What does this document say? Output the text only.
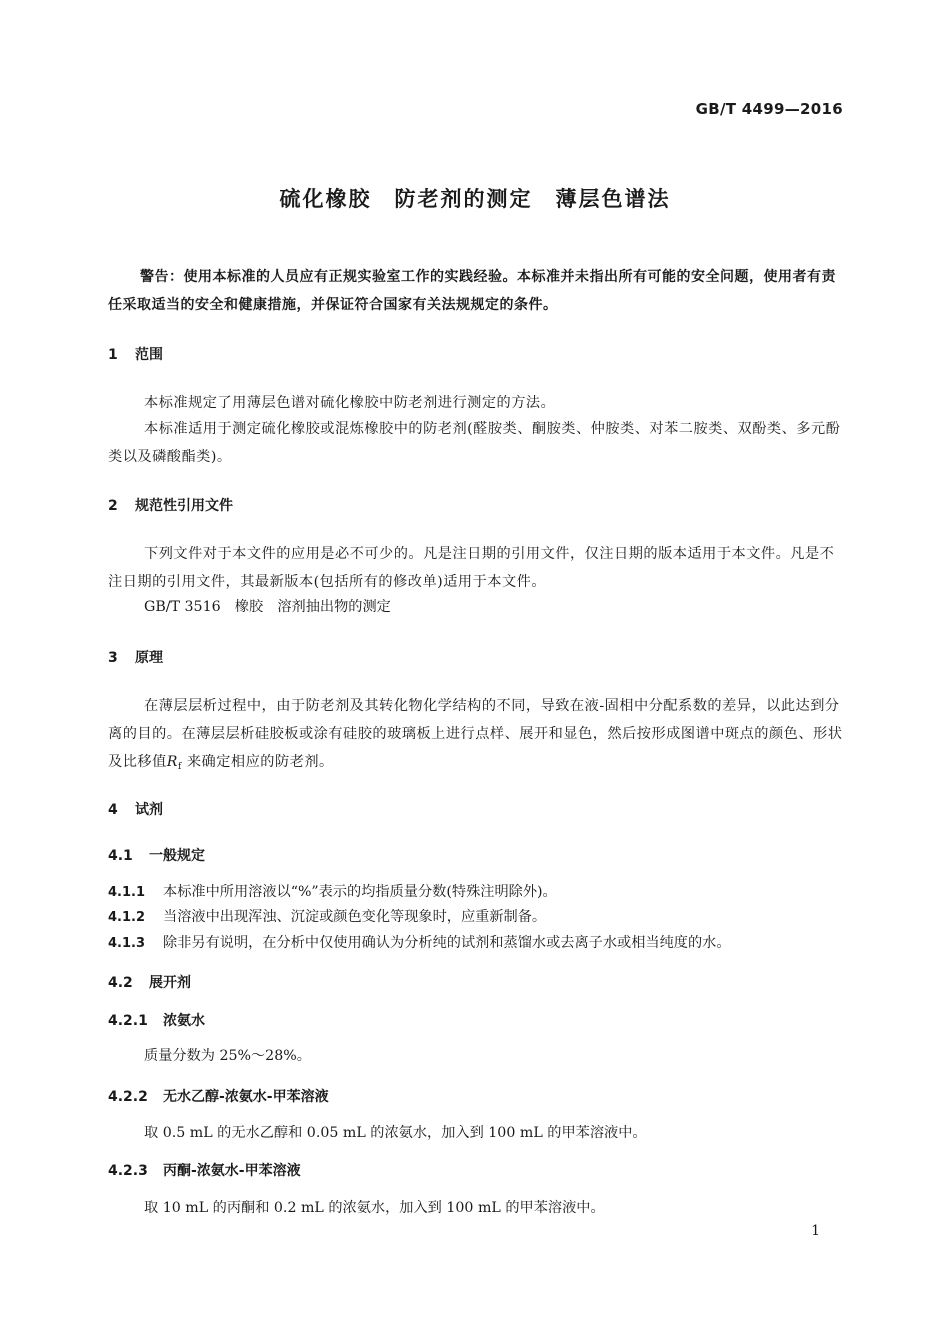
GB/T 4499—2016
硫化橡胶　防老剂的测定　薄层色谱法
警告：使用本标准的人员应有正规实验室工作的实践经验。本标准并未指出所有可能的安全问题，使用者有责任采取适当的安全和健康措施，并保证符合国家有关法规规定的条件。
1 范围
本标准规定了用薄层色谱对硫化橡胶中防老剂进行测定的方法。
本标准适用于测定硫化橡胶或混炼橡胶中的防老剂(醛胺类、酮胺类、仲胺类、对苯二胺类、双酚类、多元酚类以及磷酸酯类)。
2 规范性引用文件
下列文件对于本文件的应用是必不可少的。凡是注日期的引用文件，仅注日期的版本适用于本文件。凡是不注日期的引用文件，其最新版本(包括所有的修改单)适用于本文件。
GB/T 3516　橡胶　溶剂抽出物的测定
3 原理
在薄层层析过程中，由于防老剂及其转化物化学结构的不同，导致在液-固相中分配系数的差异，以此达到分离的目的。在薄层层析硅胶板或涂有硅胶的玻璃板上进行点样、展开和显色，然后按形成图谱中斑点的颜色、形状及比移值$R_f$ 来确定相应的防老剂。
4 试剂
4.1 一般规定
4.1.1 本标准中所用溶液以“%”表示的均指质量分数(特殊注明除外)。
4.1.2 当溶液中出现浑浊、沉淀或颜色变化等现象时，应重新制备。
4.1.3 除非另有说明，在分析中仅使用确认为分析纯的试剂和蒸馏水或去离子水或相当纯度的水。
4.2 展开剂
4.2.1 浓氨水
质量分数为 25%～28%。
4.2.2 无水乙醇-浓氨水-甲苯溶液
取 0.5 mL 的无水乙醇和 0.05 mL 的浓氨水，加入到 100 mL 的甲苯溶液中。
4.2.3 丙酮-浓氨水-甲苯溶液
取 10 mL 的丙酮和 0.2 mL 的浓氨水，加入到 100 mL 的甲苯溶液中。
1
